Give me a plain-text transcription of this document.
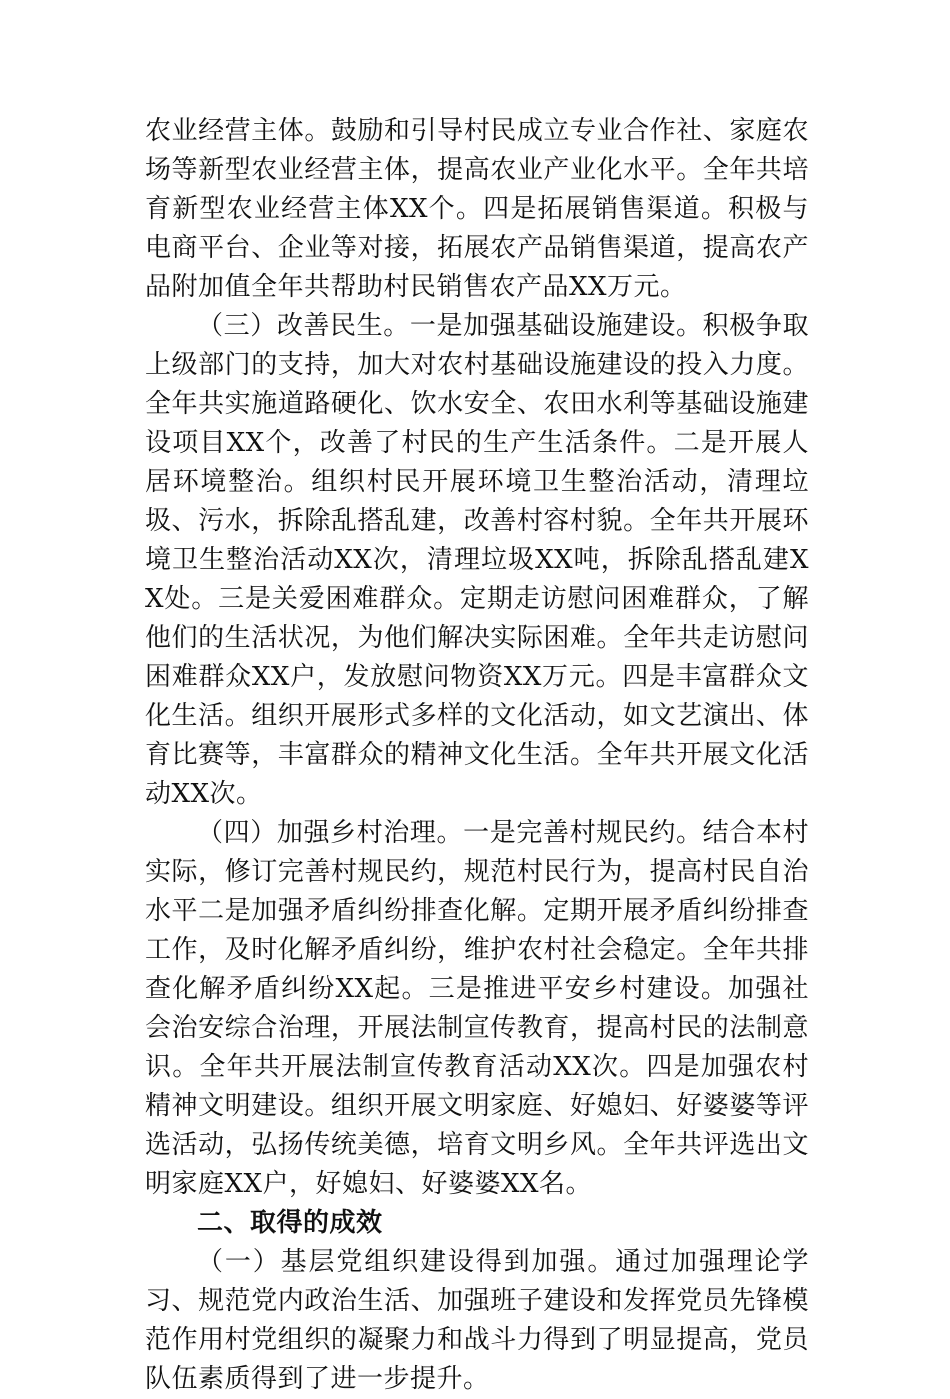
农业经营主体。鼓励和引导村民成立专业合作社、家庭农场等新型农业经营主体，提高农业产业化水平。全年共培育新型农业经营主体XX个。四是拓展销售渠道。积极与电商平台、企业等对接，拓展农产品销售渠道，提高农产品附加值全年共帮助村民销售农产品XX万元。

（三）改善民生。一是加强基础设施建设。积极争取上级部门的支持，加大对农村基础设施建设的投入力度。全年共实施道路硬化、饮水安全、农田水利等基础设施建设项目XX个，改善了村民的生产生活条件。二是开展人居环境整治。组织村民开展环境卫生整治活动，清理垃圾、污水，拆除乱搭乱建，改善村容村貌。全年共开展环境卫生整治活动XX次，清理垃圾XX吨，拆除乱搭乱建XX处。三是关爱困难群众。定期走访慰问困难群众，了解他们的生活状况，为他们解决实际困难。全年共走访慰问困难群众XX户，发放慰问物资XX万元。四是丰富群众文化生活。组织开展形式多样的文化活动，如文艺演出、体育比赛等，丰富群众的精神文化生活。全年共开展文化活动XX次。

（四）加强乡村治理。一是完善村规民约。结合本村实际，修订完善村规民约，规范村民行为，提高村民自治水平二是加强矛盾纠纷排查化解。定期开展矛盾纠纷排查工作，及时化解矛盾纠纷，维护农村社会稳定。全年共排查化解矛盾纠纷XX起。三是推进平安乡村建设。加强社会治安综合治理，开展法制宣传教育，提高村民的法制意识。全年共开展法制宣传教育活动XX次。四是加强农村精神文明建设。组织开展文明家庭、好媳妇、好婆婆等评选活动，弘扬传统美德，培育文明乡风。全年共评选出文明家庭XX户，好媳妇、好婆婆XX名。

二、取得的成效

（一）基层党组织建设得到加强。通过加强理论学习、规范党内政治生活、加强班子建设和发挥党员先锋模范作用村党组织的凝聚力和战斗力得到了明显提高，党员队伍素质得到了进一步提升。
